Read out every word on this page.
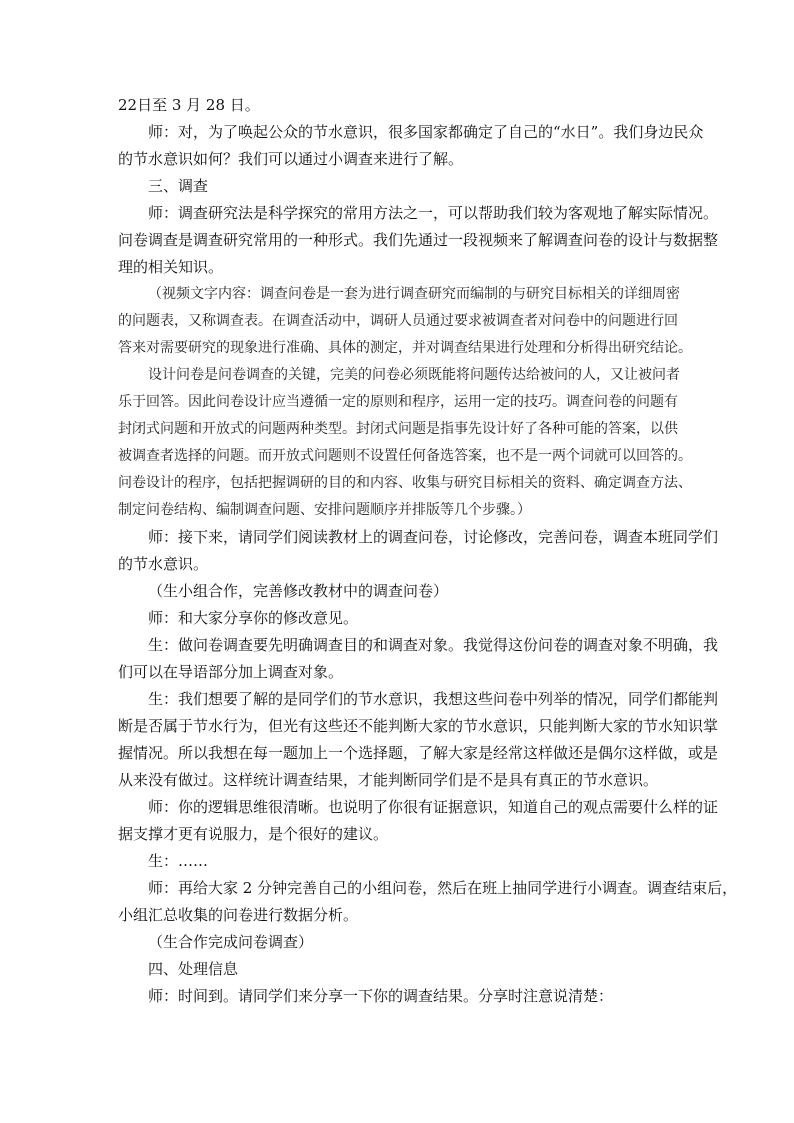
22日至 3 月 28 日。

师：对，为了唤起公众的节水意识，很多国家都确定了自己的“水日”。我们身边民众

的节水意识如何？我们可以通过小调查来进行了解。

三、调查

师：调查研究法是科学探究的常用方法之一，可以帮助我们较为客观地了解实际情况。

问卷调查是调查研究常用的一种形式。我们先通过一段视频来了解调查问卷的设计与数据整

理的相关知识。

（视频文字内容：调查问卷是一套为进行调查研究而编制的与研究目标相关的详细周密

的问题表，又称调查表。在调查活动中，调研人员通过要求被调查者对问卷中的问题进行回

答来对需要研究的现象进行准确、具体的测定，并对调查结果进行处理和分析得出研究结论。

设计问卷是问卷调查的关键，完美的问卷必须既能将问题传达给被问的人，又让被问者

乐于回答。因此问卷设计应当遵循一定的原则和程序，运用一定的技巧。调查问卷的问题有

封闭式问题和开放式的问题两种类型。封闭式问题是指事先设计好了各种可能的答案，以供

被调查者选择的问题。而开放式问题则不设置任何备选答案，也不是一两个词就可以回答的。

问卷设计的程序，包括把握调研的目的和内容、收集与研究目标相关的资料、确定调查方法、

制定问卷结构、编制调查问题、安排问题顺序并排版等几个步骤。）

师：接下来，请同学们阅读教材上的调查问卷，讨论修改，完善问卷，调查本班同学们

的节水意识。

（生小组合作，完善修改教材中的调查问卷）

师：和大家分享你的修改意见。

生：做问卷调查要先明确调查目的和调查对象。我觉得这份问卷的调查对象不明确，我

们可以在导语部分加上调查对象。

生：我们想要了解的是同学们的节水意识，我想这些问卷中列举的情况，同学们都能判

断是否属于节水行为，但光有这些还不能判断大家的节水意识，只能判断大家的节水知识掌

握情况。所以我想在每一题加上一个选择题，了解大家是经常这样做还是偶尔这样做，或是

从来没有做过。这样统计调查结果，才能判断同学们是不是具有真正的节水意识。

师：你的逻辑思维很清晰。也说明了你很有证据意识，知道自己的观点需要什么样的证

据支撑才更有说服力，是个很好的建议。

生：……

师：再给大家 2 分钟完善自己的小组问卷，然后在班上抽同学进行小调查。调查结束后，

小组汇总收集的问卷进行数据分析。

（生合作完成问卷调查）

四、处理信息

师：时间到。请同学们来分享一下你的调查结果。分享时注意说清楚：
